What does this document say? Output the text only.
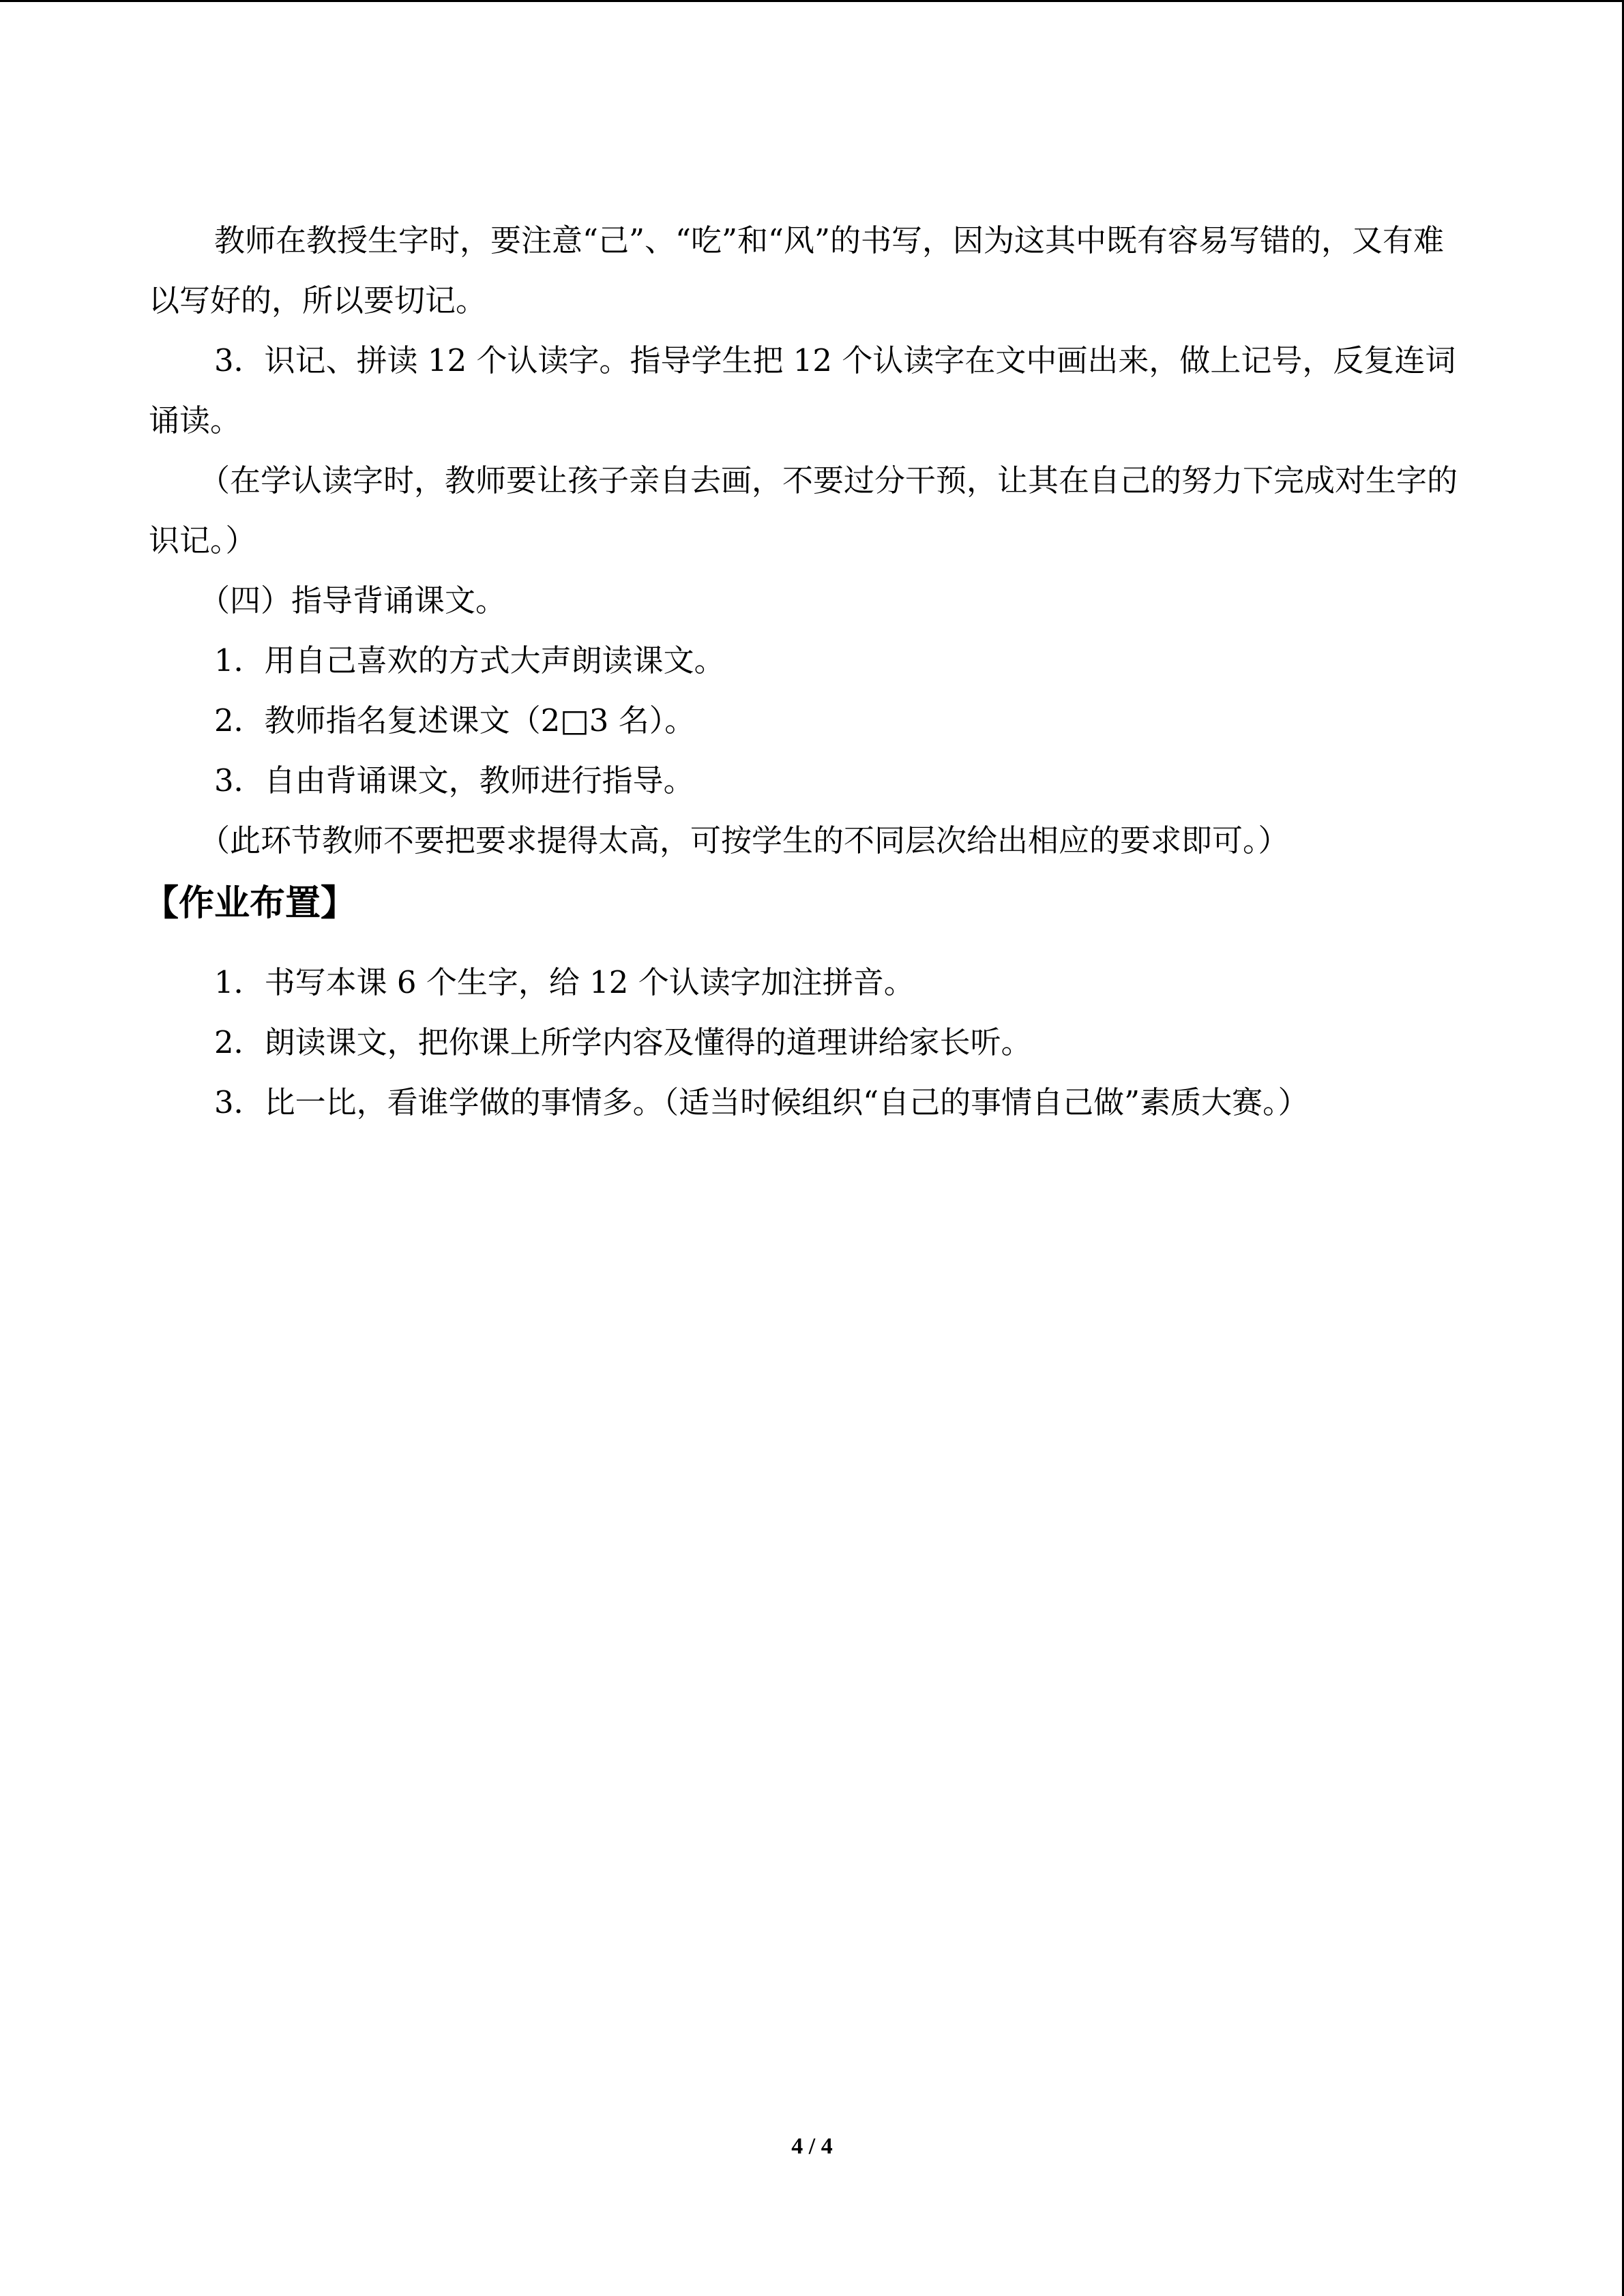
教师在教授生字时，要注意“己”、“吃”和“风”的书写，因为这其中既有容易写错的，又有难以写好的，所以要切记。

3．识记、拼读 12 个认读字。指导学生把 12 个认读字在文中画出来，做上记号，反复连词诵读。

（在学认读字时，教师要让孩子亲自去画，不要过分干预，让其在自己的努力下完成对生字的识记。）

（四）指导背诵课文。

1．用自己喜欢的方式大声朗读课文。

2．教师指名复述课文（2□3 名）。

3．自由背诵课文，教师进行指导。

（此环节教师不要把要求提得太高，可按学生的不同层次给出相应的要求即可。）

【作业布置】

1．书写本课 6 个生字，给 12 个认读字加注拼音。

2．朗读课文，把你课上所学内容及懂得的道理讲给家长听。

3．比一比，看谁学做的事情多。（适当时候组织“自己的事情自己做”素质大赛。）

4 / 4
